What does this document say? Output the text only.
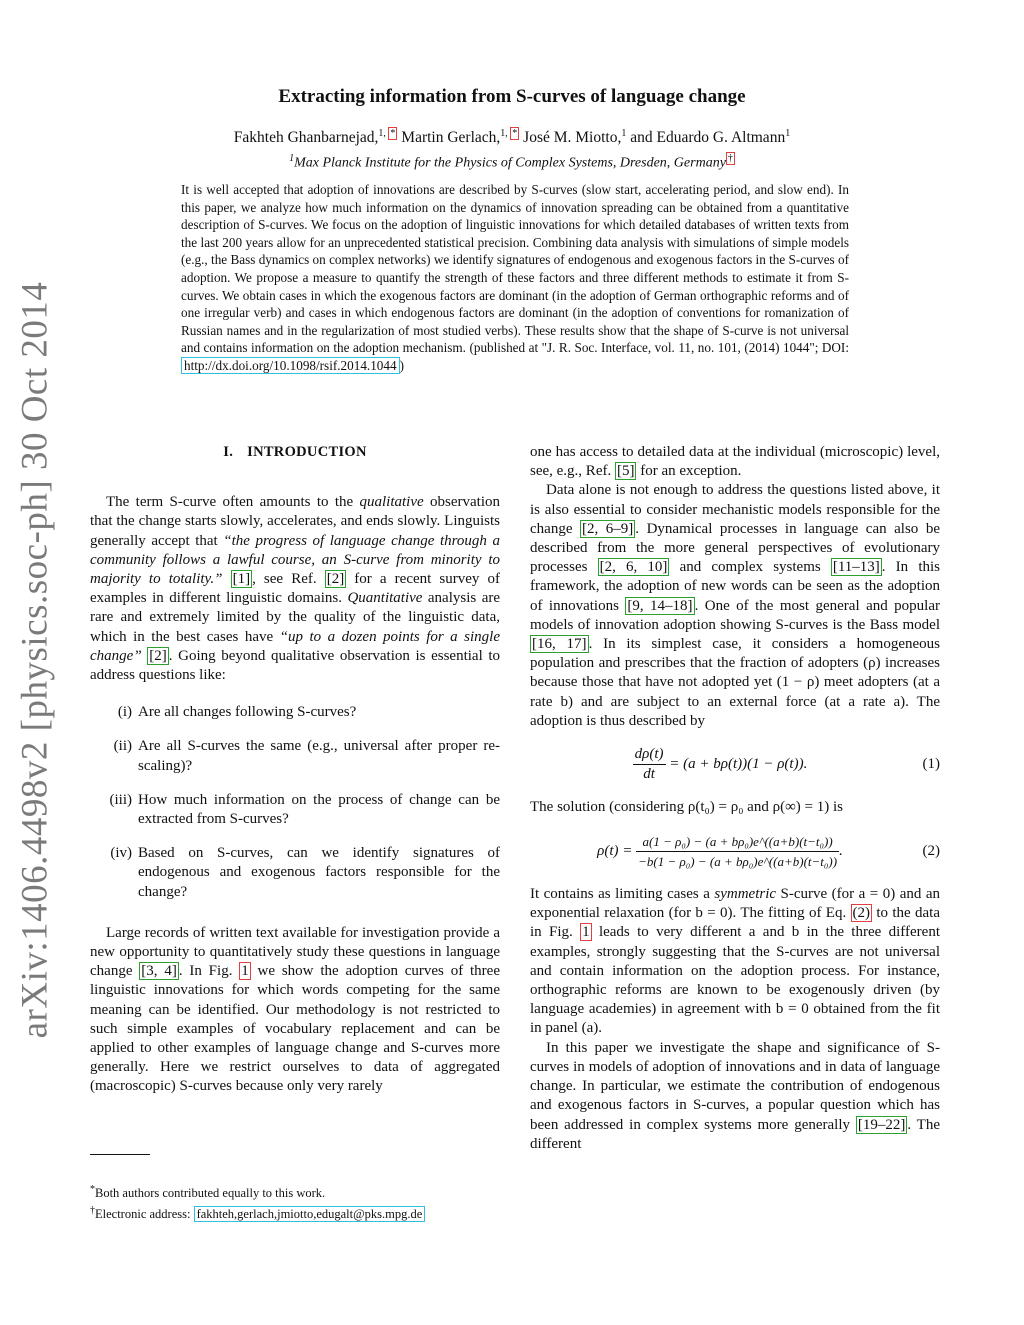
arXiv:1406.4498v2 [physics.soc-ph] 30 Oct 2014
Extracting information from S-curves of language change
Fakhteh Ghanbarnejad,$^{1,}$ * Martin Gerlach,$^{1,}$ * José M. Miotto,$^1$ and Eduardo G. Altmann$^1$
$^1$Max Planck Institute for the Physics of Complex Systems, Dresden, Germany †
It is well accepted that adoption of innovations are described by S-curves (slow start, accelerating period, and slow end). In this paper, we analyze how much information on the dynamics of innovation spreading can be obtained from a quantitative description of S-curves. We focus on the adoption of linguistic innovations for which detailed databases of written texts from the last 200 years allow for an unprecedented statistical precision. Combining data analysis with simulations of simple models (e.g., the Bass dynamics on complex networks) we identify signatures of endogenous and exogenous factors in the S-curves of adoption. We propose a measure to quantify the strength of these factors and three different methods to estimate it from S-curves. We obtain cases in which the exogenous factors are dominant (in the adoption of German orthographic reforms and of one irregular verb) and cases in which endogenous factors are dominant (in the adoption of conventions for romanization of Russian names and in the regularization of most studied verbs). These results show that the shape of S-curve is not universal and contains information on the adoption mechanism. (published at "J. R. Soc. Interface, vol. 11, no. 101, (2014) 1044"; DOI: http://dx.doi.org/10.1098/rsif.2014.1044 )
I. INTRODUCTION

The term S-curve often amounts to the qualitative observation that the change starts slowly, accelerates, and ends slowly. Linguists generally accept that “the progress of language change through a community follows a lawful course, an S-curve from minority to majority to totality.” [1] , see Ref. [2] for a recent survey of examples in different linguistic domains. Quantitative analysis are rare and extremely limited by the quality of the linguistic data, which in the best cases have “up to a dozen points for a single change” [2] . Going beyond qualitative observation is essential to address questions like:

(i) Are all changes following S-curves?
(ii) Are all S-curves the same (e.g., universal after proper re-scaling)?
(iii) How much information on the process of change can be extracted from S-curves?
(iv) Based on S-curves, can we identify signatures of endogenous and exogenous factors responsible for the change?

Large records of written text available for investigation provide a new opportunity to quantitatively study these questions in language change [3, 4] . In Fig. 1 we show the adoption curves of three linguistic innovations for which words competing for the same meaning can be identified. Our methodology is not restricted to such simple examples of vocabulary replacement and can be applied to other examples of language change and S-curves more generally. Here we restrict ourselves to data of aggregated (macroscopic) S-curves because only very rarely

one has access to detailed data at the individual (microscopic) level, see, e.g., Ref. [5] for an exception.

Data alone is not enough to address the questions listed above, it is also essential to consider mechanistic models responsible for the change [2, 6–9] . Dynamical processes in language can also be described from the more general perspectives of evolutionary processes [2, 6, 10] and complex systems [11–13] . In this framework, the adoption of new words can be seen as the adoption of innovations [9, 14–18] . One of the most general and popular models of innovation adoption showing S-curves is the Bass model [16, 17] . In its simplest case, it considers a homogeneous population and prescribes that the fraction of adopters (ρ) increases because those that have not adopted yet (1 − ρ) meet adopters (at a rate b) and are subject to an external force (at a rate a). The adoption is thus described by

$\frac{d\rho(t)}{dt} = (a + b\rho(t))(1 - \rho(t))$.	(1)

The solution (considering ρ(t₀) = ρ₀ and ρ(∞) = 1) is

$\rho(t) = \frac{\text{a(1 − ρ₀) − (a + bρ₀)e\textasciicircum{}((a+b)(t−t₀))}}{\text{−b(1 − ρ₀) − (a + bρ₀)e\textasciicircum{}((a+b)(t−t₀))}}$ .	(2)

It contains as limiting cases a symmetric S-curve (for a = 0) and an exponential relaxation (for b = 0). The fitting of Eq. (2) to the data in Fig. 1 leads to very different a and b in the three different examples, strongly suggesting that the S-curves are not universal and contain information on the adoption process. For instance, orthographic reforms are known to be exogenously driven (by language academies) in agreement with b = 0 obtained from the fit in panel (a).

In this paper we investigate the shape and significance of S-curves in models of adoption of innovations and in data of language change. In particular, we estimate the contribution of endogenous and exogenous factors in S-curves, a popular question which has been addressed in complex systems more generally [19–22] . The different

*Both authors contributed equally to this work.
†Electronic address: fakhteh,gerlach,jmiotto,edugalt@pks.mpg.de
